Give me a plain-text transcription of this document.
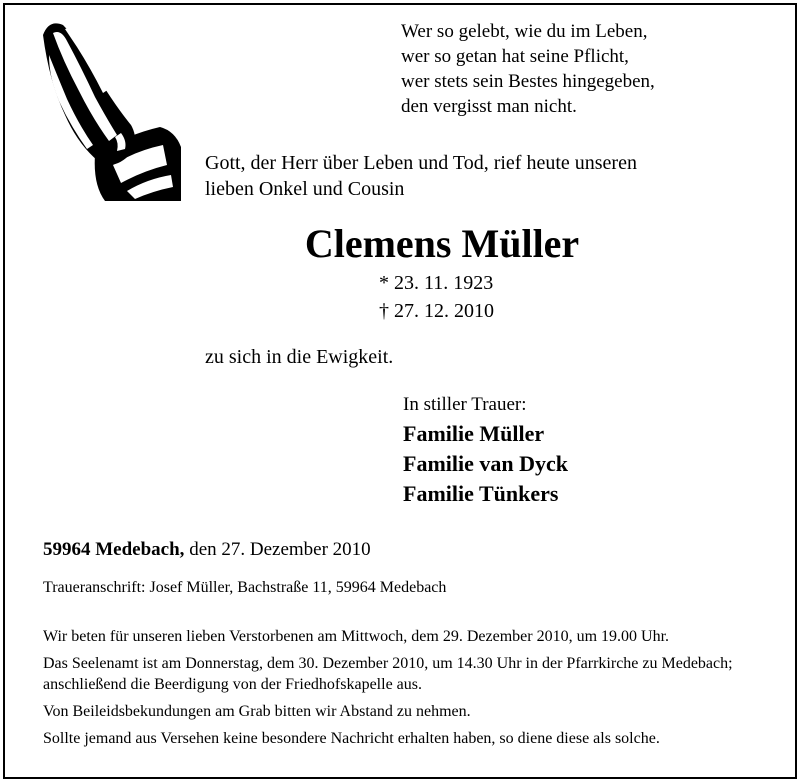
Wer so gelebt, wie du im Leben,
wer so getan hat seine Pflicht,
wer stets sein Bestes hingegeben,
den vergisst man nicht.
Gott, der Herr über Leben und Tod, rief heute unseren
lieben Onkel und Cousin
Clemens Müller
* 23. 11. 1923
† 27. 12. 2010
zu sich in die Ewigkeit.
In stiller Trauer:
Familie Müller
Familie van Dyck
Familie Tünkers
59964 Medebach, den 27. Dezember 2010
Traueranschrift: Josef Müller, Bachstraße 11, 59964 Medebach

Wir beten für unseren lieben Verstorbenen am Mittwoch, dem 29. Dezember 2010, um 19.00 Uhr.

Das Seelenamt ist am Donnerstag, dem 30. Dezember 2010, um 14.30 Uhr in der Pfarrkirche zu Medebach; anschließend die Beerdigung von der Friedhofskapelle aus.

Von Beileidsbekundungen am Grab bitten wir Abstand zu nehmen.

Sollte jemand aus Versehen keine besondere Nachricht erhalten haben, so diene diese als solche.
